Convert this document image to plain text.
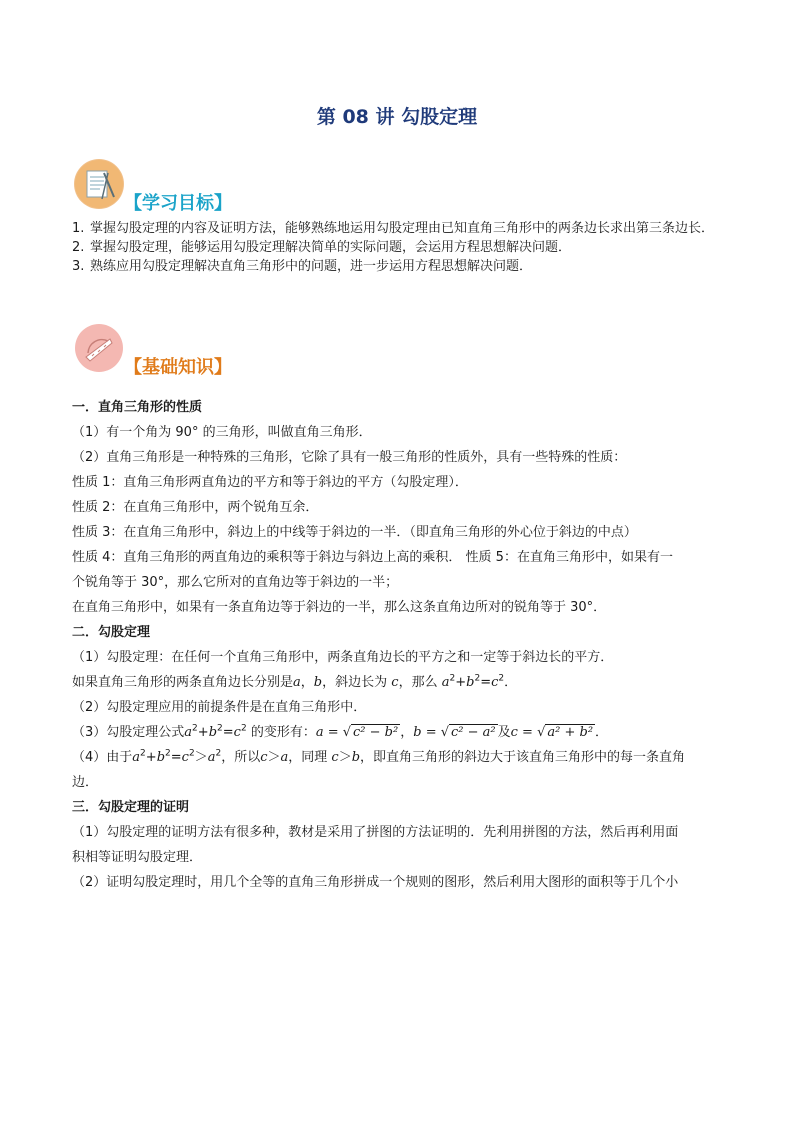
第 08 讲 勾股定理
【学习目标】

1. 掌握勾股定理的内容及证明方法，能够熟练地运用勾股定理由已知直角三角形中的两条边长求出第三条边长．

2. 掌握勾股定理，能够运用勾股定理解决简单的实际问题，会运用方程思想解决问题．

3. 熟练应用勾股定理解决直角三角形中的问题，进一步运用方程思想解决问题．

【基础知识】

一．直角三角形的性质

（1）有一个角为 90° 的三角形，叫做直角三角形．

（2）直角三角形是一种特殊的三角形，它除了具有一般三角形的性质外，具有一些特殊的性质：

性质 1：直角三角形两直角边的平方和等于斜边的平方（勾股定理）．

性质 2：在直角三角形中，两个锐角互余．

性质 3：在直角三角形中，斜边上的中线等于斜边的一半．（即直角三角形的外心位于斜边的中点）

性质 4：直角三角形的两直角边的乘积等于斜边与斜边上高的乘积． 性质 5：在直角三角形中，如果有一

个锐角等于 30°，那么它所对的直角边等于斜边的一半；

在直角三角形中，如果有一条直角边等于斜边的一半，那么这条直角边所对的锐角等于 30°．

二．勾股定理

（1）勾股定理：在任何一个直角三角形中，两条直角边长的平方之和一定等于斜边长的平方．

如果直角三角形的两条直角边长分别是a，b，斜边长为 c，那么 $a^2+b^2=c^2$．

（2）勾股定理应用的前提条件是在直角三角形中．

（3）勾股定理公式$a^2+b^2=c^2$ 的变形有：a = √ c² − b² ，b = √ c² − a² 及c = √ a² + b² ．

（4）由于$a^2+b^2=c^2>a^2$，所以c＞a，同理 c＞b，即直角三角形的斜边大于该直角三角形中的每一条直角

边．

三．勾股定理的证明

（1）勾股定理的证明方法有很多种，教材是采用了拼图的方法证明的．先利用拼图的方法，然后再利用面

积相等证明勾股定理．

（2）证明勾股定理时，用几个全等的直角三角形拼成一个规则的图形，然后利用大图形的面积等于几个小
